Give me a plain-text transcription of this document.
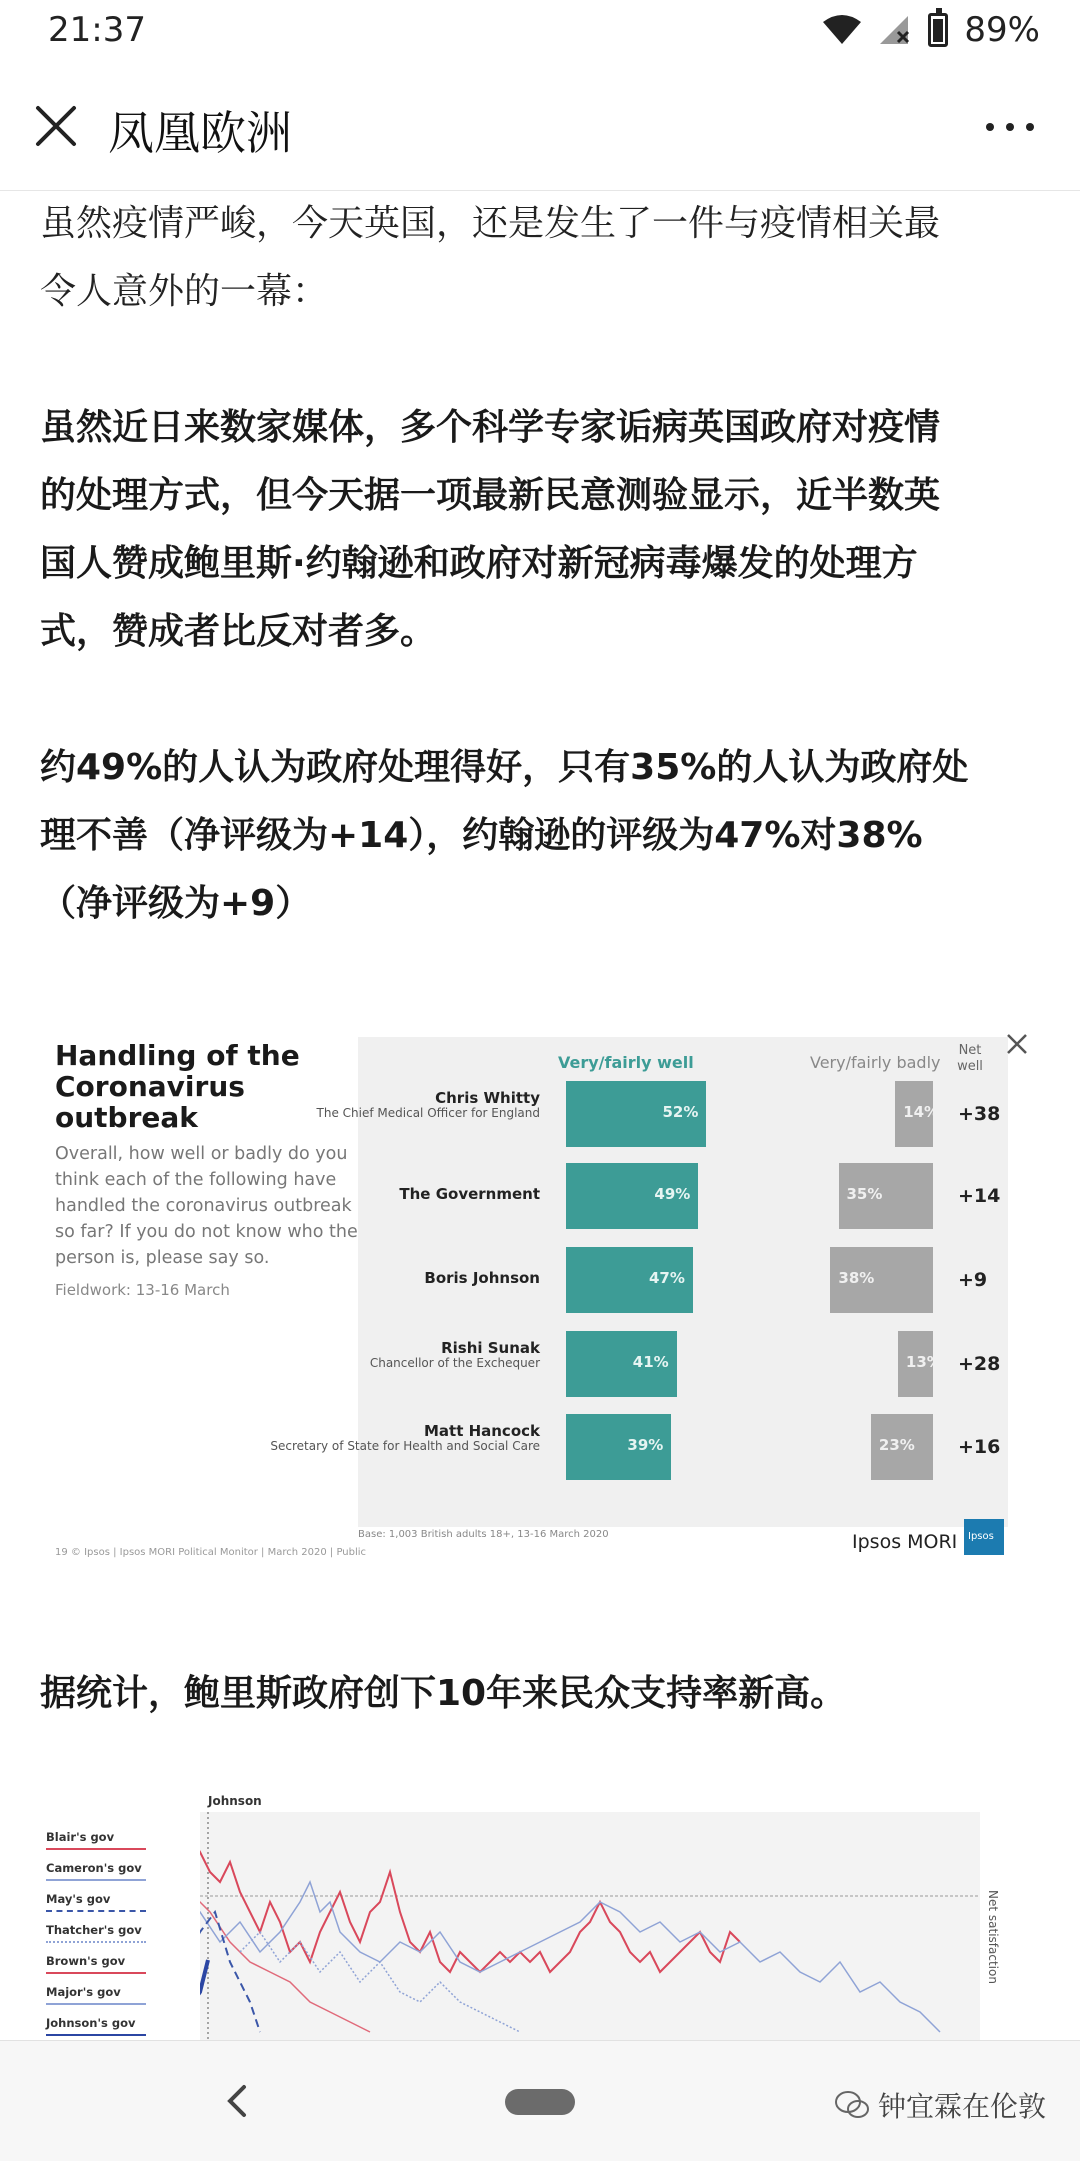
21:37	89%
凤凰欧洲

虽然疫情严峻，今天英国，还是发生了一件与疫情相关最
令人意外的一幕：

虽然近日来数家媒体，多个科学专家诟病英国政府对疫情
的处理方式，但今天据一项最新民意测验显示，近半数英
国人赞成鲍里斯·约翰逊和政府对新冠病毒爆发的处理方
式，赞成者比反对者多。

约49%的人认为政府处理得好，只有35%的人认为政府处
理不善（净评级为+14），约翰逊的评级为47%对38%
（净评级为+9）

Handling of the Coronavirus outbreak
Overall, how well or badly do you think each of the following have handled the coronavirus outbreak so far? If you do not know who the person is, please say so.
Fieldwork: 13-16 March
Very/fairly well	Very/fairly badly
Net well
Chris Whitty
The Chief Medical Officer for England	52%	14% +38
The Government	49%	35%	+14
Boris Johnson	47%	38%	+9
Rishi Sunak
Chancellor of the Exchequer	41%	13% +28
Matt Hancock
Secretary of State for Health and Social Care	39%	23% +16
Base: 1,003 British adults 18+, 13-16 March 2020
19 © Ipsos | Ipsos MORI Political Monitor | March 2020 | Public	Ipsos MORI Ipsos

据统计，鲍里斯政府创下10年来民众支持率新高。

Blair's gov
Cameron's gov
May's gov
Thatcher's gov
Brown's gov
Major's gov
Johnson's gov
Johnson
Net satisfaction
钟宜霖在伦敦
